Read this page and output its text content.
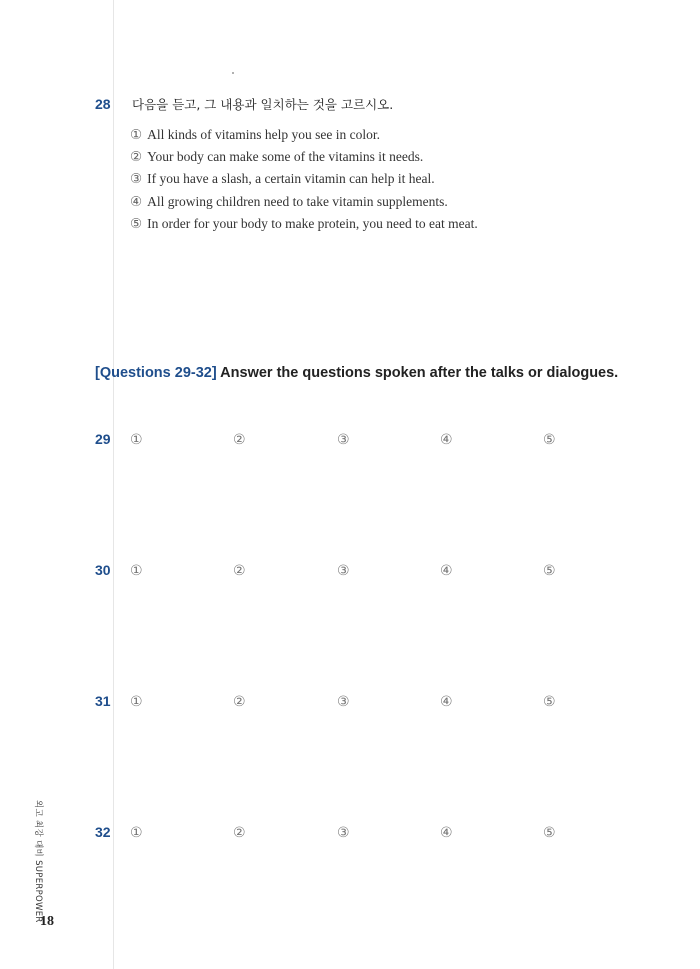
28 다음을 듣고, 그 내용과 일치하는 것을 고르시오.
① All kinds of vitamins help you see in color.
② Your body can make some of the vitamins it needs.
③ If you have a slash, a certain vitamin can help it heal.
④ All growing children need to take vitamin supplements.
⑤ In order for your body to make protein, you need to eat meat.
[Questions 29-32] Answer the questions spoken after the talks or dialogues.
29 ①	②	③	④	⑤
30 ①	②	③	④	⑤
31 ①	②	③	④	⑤
32 ①	②	③	④	⑤
외고 최강 대비 SUPERPOWER
18
